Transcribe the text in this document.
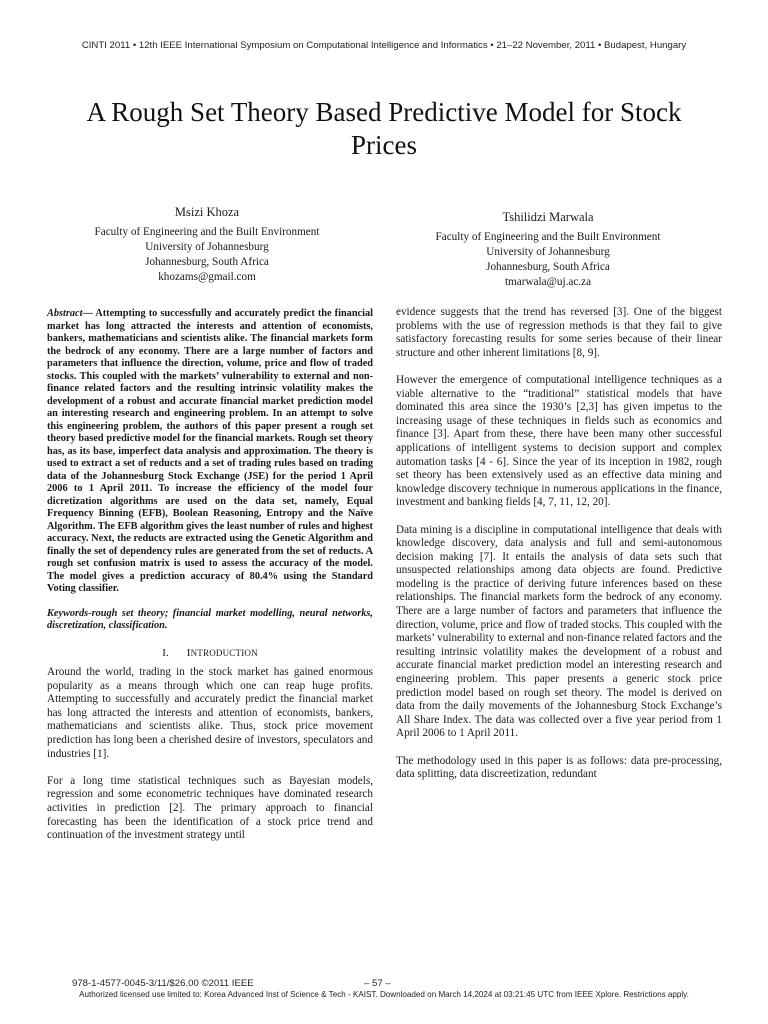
CINTI 2011 • 12th IEEE International Symposium on Computational Intelligence and Informatics • 21–22 November, 2011 • Budapest, Hungary
A Rough Set Theory Based Predictive Model for Stock Prices
Msizi Khoza
Faculty of Engineering and the Built Environment
University of Johannesburg
Johannesburg, South Africa
khozams@gmail.com
Tshilidzi Marwala
Faculty of Engineering and the Built Environment
University of Johannesburg
Johannesburg, South Africa
tmarwala@uj.ac.za
Abstract— Attempting to successfully and accurately predict the financial market has long attracted the interests and attention of economists, bankers, mathematicians and scientists alike. The financial markets form the bedrock of any economy. There are a large number of factors and parameters that influence the direction, volume, price and flow of traded stocks. This coupled with the markets’ vulnerability to external and non-finance related factors and the resulting intrinsic volatility makes the development of a robust and accurate financial market prediction model an interesting research and engineering problem. In an attempt to solve this engineering problem, the authors of this paper present a rough set theory based predictive model for the financial markets. Rough set theory has, as its base, imperfect data analysis and approximation. The theory is used to extract a set of reducts and a set of trading rules based on trading data of the Johannesburg Stock Exchange (JSE) for the period 1 April 2006 to 1 April 2011. To increase the efficiency of the model four dicretization algorithms are used on the data set, namely, Equal Frequency Binning (EFB), Boolean Reasoning, Entropy and the Naïve Algorithm. The EFB algorithm gives the least number of rules and highest accuracy. Next, the reducts are extracted using the Genetic Algorithm and finally the set of dependency rules are generated from the set of reducts. A rough set confusion matrix is used to assess the accuracy of the model. The model gives a prediction accuracy of 80.4% using the Standard Voting classifier.
Keywords-rough set theory; financial market modelling, neural networks, discretization, classification.
I. INTRODUCTION

Around the world, trading in the stock market has gained enormous popularity as a means through which one can reap huge profits. Attempting to successfully and accurately predict the financial market has long attracted the interests and attention of economists, bankers, mathematicians and scientists alike. Thus, stock price movement prediction has long been a cherished desire of investors, speculators and industries [1].

For a long time statistical techniques such as Bayesian models, regression and some econometric techniques have dominated research activities in prediction [2]. The primary approach to financial forecasting has been the identification of a stock price trend and continuation of the investment strategy until

evidence suggests that the trend has reversed [3]. One of the biggest problems with the use of regression methods is that they fail to give satisfactory forecasting results for some series because of their linear structure and other inherent limitations [8, 9].

However the emergence of computational intelligence techniques as a viable alternative to the “traditional” statistical models that have dominated this area since the 1930’s [2,3] has given impetus to the increasing usage of these techniques in fields such as economics and finance [3]. Apart from these, there have been many other successful applications of intelligent systems to decision support and complex automation tasks [4 - 6]. Since the year of its inception in 1982, rough set theory has been extensively used as an effective data mining and knowledge discovery technique in numerous applications in the finance, investment and banking fields [4, 7, 11, 12, 20].

Data mining is a discipline in computational intelligence that deals with knowledge discovery, data analysis and full and semi-autonomous decision making [7]. It entails the analysis of data sets such that unsuspected relationships among data objects are found. Predictive modeling is the practice of deriving future inferences based on these relationships. The financial markets form the bedrock of any economy. There are a large number of factors and parameters that influence the direction, volume, price and flow of traded stocks. This coupled with the markets’ vulnerability to external and non-finance related factors and the resulting intrinsic volatility makes the development of a robust and accurate financial market prediction model an interesting research and engineering problem. This paper presents a generic stock price prediction model based on rough set theory. The model is derived on data from the daily movements of the Johannesburg Stock Exchange’s All Share Index. The data was collected over a five year period from 1 April 2006 to 1 April 2011.

The methodology used in this paper is as follows: data pre-processing, data splitting, data discreetization, redundant

978-1-4577-0045-3/11/$26.00 ©2011 IEEE	– 57 –
Authorized licensed use limited to: Korea Advanced Inst of Science & Tech - KAIST. Downloaded on March 14,2024 at 03:21:45 UTC from IEEE Xplore. Restrictions apply.
